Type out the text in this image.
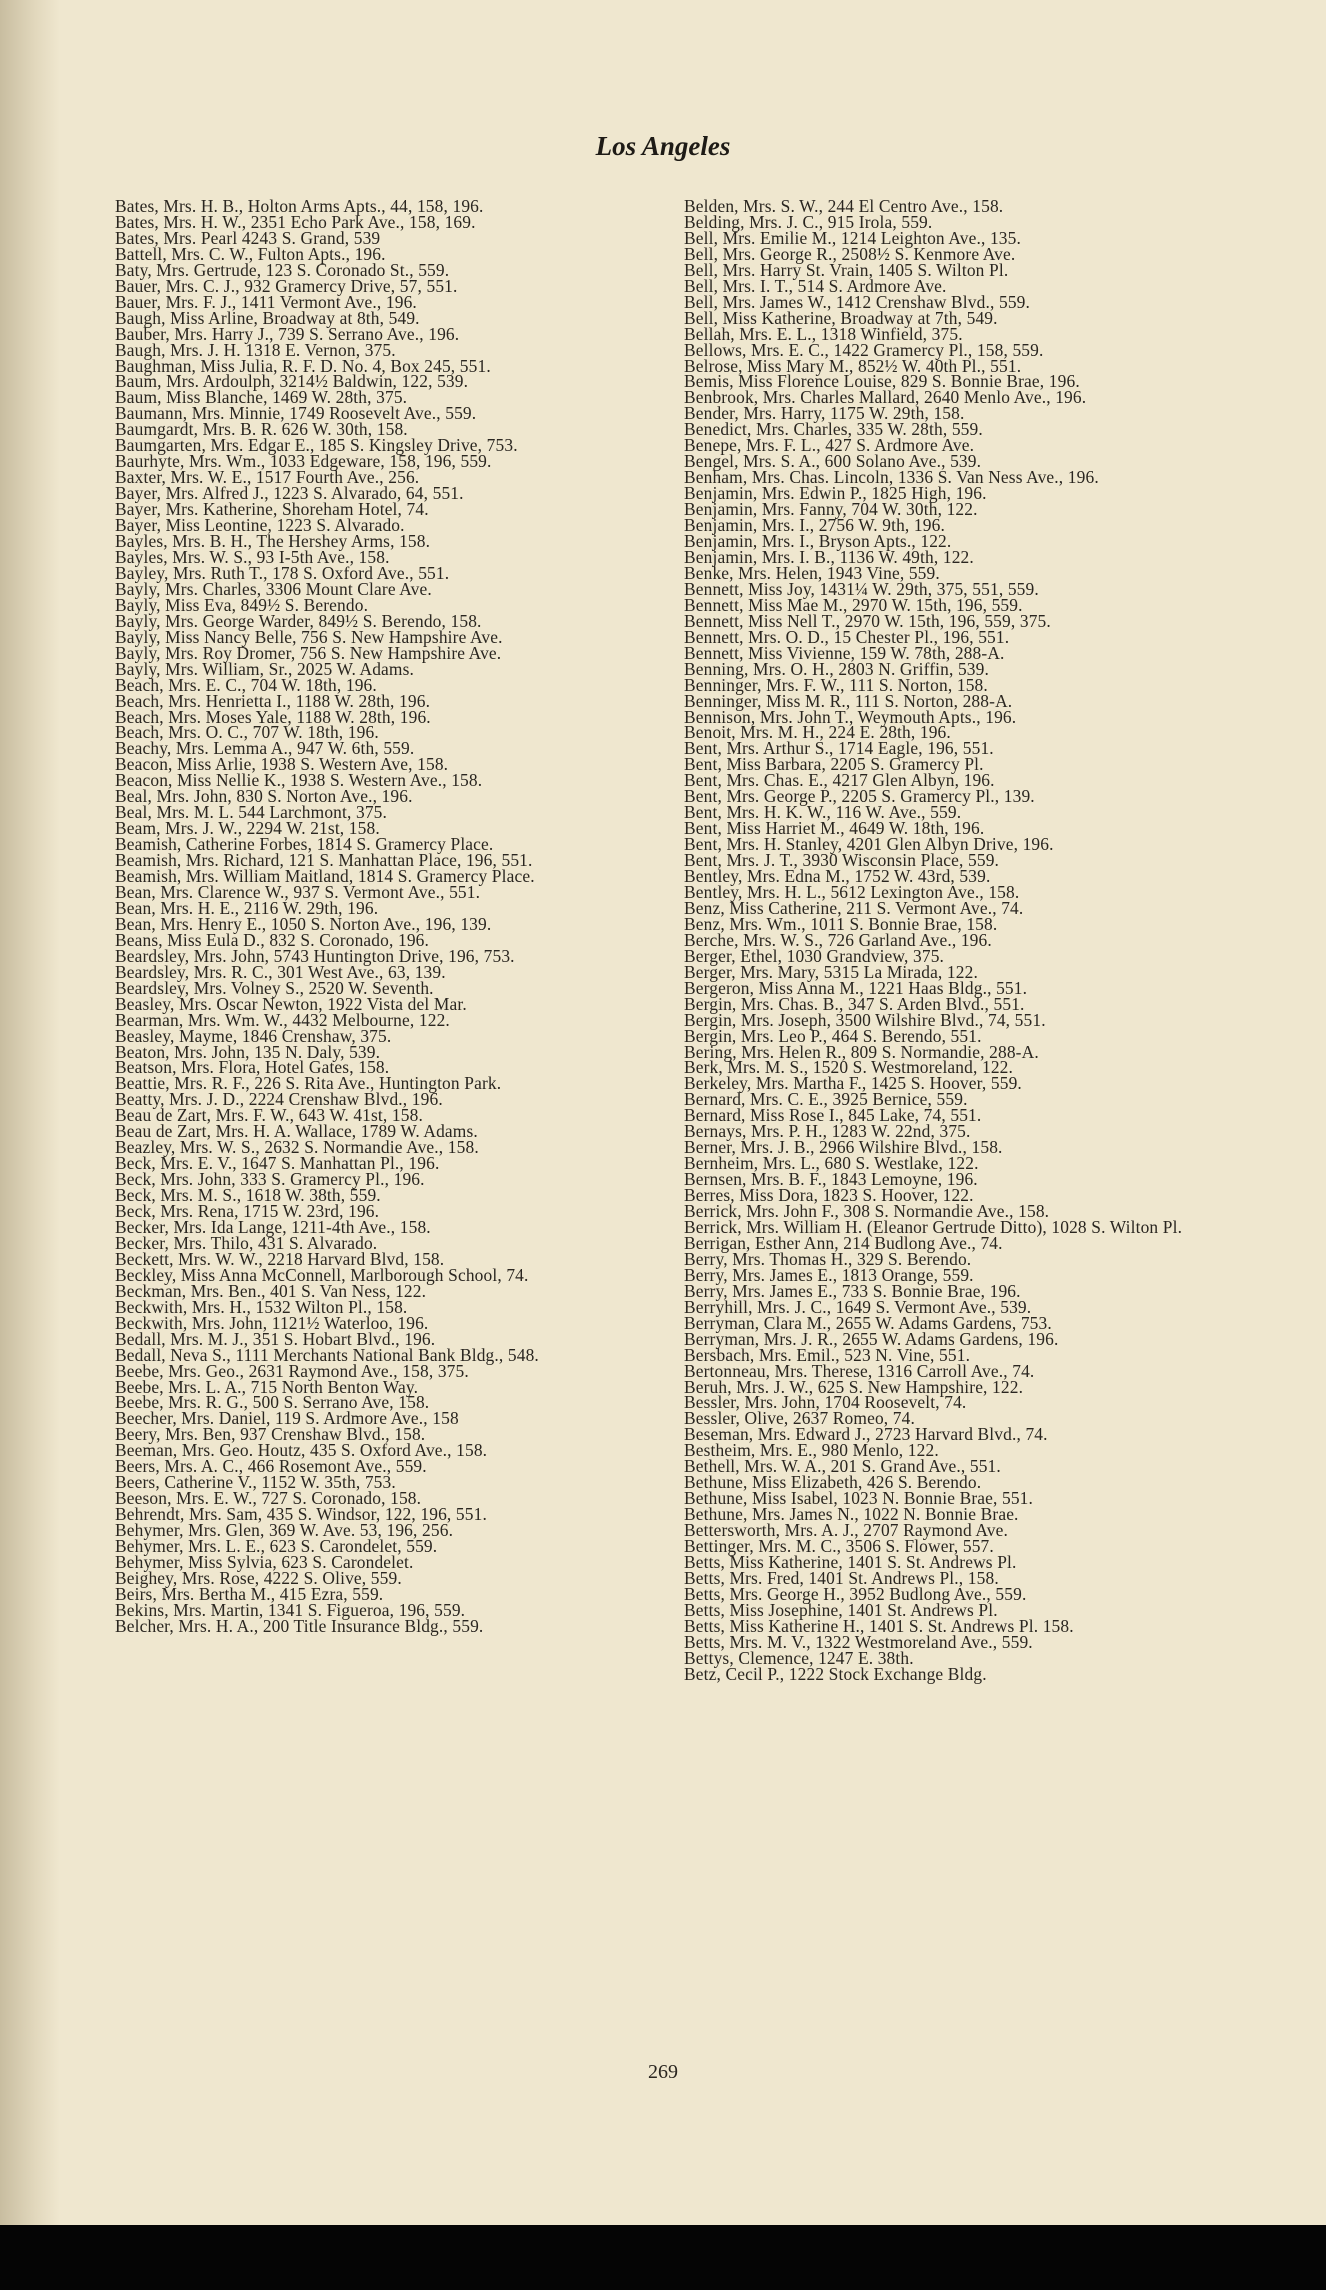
Los Angeles
Bates, Mrs. H. B., Holton Arms Apts., 44, 158, 196.
Bates, Mrs. H. W., 2351 Echo Park Ave., 158, 169.
Bates, Mrs. Pearl 4243 S. Grand, 539
Battell, Mrs. C. W., Fulton Apts., 196.
Baty, Mrs. Gertrude, 123 S. Coronado St., 559.
Bauer, Mrs. C. J., 932 Gramercy Drive, 57, 551.
Bauer, Mrs. F. J., 1411 Vermont Ave., 196.
Baugh, Miss Arline, Broadway at 8th, 549.
Bauber, Mrs. Harry J., 739 S. Serrano Ave., 196.
Baugh, Mrs. J. H. 1318 E. Vernon, 375.
Baughman, Miss Julia, R. F. D. No. 4, Box 245, 551.
Baum, Mrs. Ardoulph, 3214½ Baldwin, 122, 539.
Baum, Miss Blanche, 1469 W. 28th, 375.
Baumann, Mrs. Minnie, 1749 Roosevelt Ave., 559.
Baumgardt, Mrs. B. R. 626 W. 30th, 158.
Baumgarten, Mrs. Edgar E., 185 S. Kingsley Drive, 753.
Baurhyte, Mrs. Wm., 1033 Edgeware, 158, 196, 559.
Baxter, Mrs. W. E., 1517 Fourth Ave., 256.
Bayer, Mrs. Alfred J., 1223 S. Alvarado, 64, 551.
Bayer, Mrs. Katherine, Shoreham Hotel, 74.
Bayer, Miss Leontine, 1223 S. Alvarado.
Bayles, Mrs. B. H., The Hershey Arms, 158.
Bayles, Mrs. W. S., 93 I-5th Ave., 158.
Bayley, Mrs. Ruth T., 178 S. Oxford Ave., 551.
Bayly, Mrs. Charles, 3306 Mount Clare Ave.
Bayly, Miss Eva, 849½ S. Berendo.
Bayly, Mrs. George Warder, 849½ S. Berendo, 158.
Bayly, Miss Nancy Belle, 756 S. New Hampshire Ave.
Bayly, Mrs. Roy Dromer, 756 S. New Hampshire Ave.
Bayly, Mrs. William, Sr., 2025 W. Adams.
Beach, Mrs. E. C., 704 W. 18th, 196.
Beach, Mrs. Henrietta I., 1188 W. 28th, 196.
Beach, Mrs. Moses Yale, 1188 W. 28th, 196.
Beach, Mrs. O. C., 707 W. 18th, 196.
Beachy, Mrs. Lemma A., 947 W. 6th, 559.
Beacon, Miss Arlie, 1938 S. Western Ave, 158.
Beacon, Miss Nellie K., 1938 S. Western Ave., 158.
Beal, Mrs. John, 830 S. Norton Ave., 196.
Beal, Mrs. M. L. 544 Larchmont, 375.
Beam, Mrs. J. W., 2294 W. 21st, 158.
Beamish, Catherine Forbes, 1814 S. Gramercy Place.
Beamish, Mrs. Richard, 121 S. Manhattan Place, 196, 551.
Beamish, Mrs. William Maitland, 1814 S. Gramercy Place.
Bean, Mrs. Clarence W., 937 S. Vermont Ave., 551.
Bean, Mrs. H. E., 2116 W. 29th, 196.
Bean, Mrs. Henry E., 1050 S. Norton Ave., 196, 139.
Beans, Miss Eula D., 832 S. Coronado, 196.
Beardsley, Mrs. John, 5743 Huntington Drive, 196, 753.
Beardsley, Mrs. R. C., 301 West Ave., 63, 139.
Beardsley, Mrs. Volney S., 2520 W. Seventh.
Beasley, Mrs. Oscar Newton, 1922 Vista del Mar.
Bearman, Mrs. Wm. W., 4432 Melbourne, 122.
Beasley, Mayme, 1846 Crenshaw, 375.
Beaton, Mrs. John, 135 N. Daly, 539.
Beatson, Mrs. Flora, Hotel Gates, 158.
Beattie, Mrs. R. F., 226 S. Rita Ave., Huntington Park.
Beatty, Mrs. J. D., 2224 Crenshaw Blvd., 196.
Beau de Zart, Mrs. F. W., 643 W. 41st, 158.
Beau de Zart, Mrs. H. A. Wallace, 1789 W. Adams.
Beazley, Mrs. W. S., 2632 S. Normandie Ave., 158.
Beck, Mrs. E. V., 1647 S. Manhattan Pl., 196.
Beck, Mrs. John, 333 S. Gramercy Pl., 196.
Beck, Mrs. M. S., 1618 W. 38th, 559.
Beck, Mrs. Rena, 1715 W. 23rd, 196.
Becker, Mrs. Ida Lange, 1211-4th Ave., 158.
Becker, Mrs. Thilo, 431 S. Alvarado.
Beckett, Mrs. W. W., 2218 Harvard Blvd, 158.
Beckley, Miss Anna McConnell, Marlborough School, 74.
Beckman, Mrs. Ben., 401 S. Van Ness, 122.
Beckwith, Mrs. H., 1532 Wilton Pl., 158.
Beckwith, Mrs. John, 1121½ Waterloo, 196.
Bedall, Mrs. M. J., 351 S. Hobart Blvd., 196.
Bedall, Neva S., 1111 Merchants National Bank Bldg., 548.
Beebe, Mrs. Geo., 2631 Raymond Ave., 158, 375.
Beebe, Mrs. L. A., 715 North Benton Way.
Beebe, Mrs. R. G., 500 S. Serrano Ave, 158.
Beecher, Mrs. Daniel, 119 S. Ardmore Ave., 158
Beery, Mrs. Ben, 937 Crenshaw Blvd., 158.
Beeman, Mrs. Geo. Houtz, 435 S. Oxford Ave., 158.
Beers, Mrs. A. C., 466 Rosemont Ave., 559.
Beers, Catherine V., 1152 W. 35th, 753.
Beeson, Mrs. E. W., 727 S. Coronado, 158.
Behrendt, Mrs. Sam, 435 S. Windsor, 122, 196, 551.
Behymer, Mrs. Glen, 369 W. Ave. 53, 196, 256.
Behymer, Mrs. L. E., 623 S. Carondelet, 559.
Behymer, Miss Sylvia, 623 S. Carondelet.
Beighey, Mrs. Rose, 4222 S. Olive, 559.
Beirs, Mrs. Bertha M., 415 Ezra, 559.
Bekins, Mrs. Martin, 1341 S. Figueroa, 196, 559.
Belcher, Mrs. H. A., 200 Title Insurance Bldg., 559.
Belden, Mrs. S. W., 244 El Centro Ave., 158.
Belding, Mrs. J. C., 915 Irola, 559.
Bell, Mrs. Emilie M., 1214 Leighton Ave., 135.
Bell, Mrs. George R., 2508½ S. Kenmore Ave.
Bell, Mrs. Harry St. Vrain, 1405 S. Wilton Pl.
Bell, Mrs. I. T., 514 S. Ardmore Ave.
Bell, Mrs. James W., 1412 Crenshaw Blvd., 559.
Bell, Miss Katherine, Broadway at 7th, 549.
Bellah, Mrs. E. L., 1318 Winfield, 375.
Bellows, Mrs. E. C., 1422 Gramercy Pl., 158, 559.
Belrose, Miss Mary M., 852½ W. 40th Pl., 551.
Bemis, Miss Florence Louise, 829 S. Bonnie Brae, 196.
Benbrook, Mrs. Charles Mallard, 2640 Menlo Ave., 196.
Bender, Mrs. Harry, 1175 W. 29th, 158.
Benedict, Mrs. Charles, 335 W. 28th, 559.
Benepe, Mrs. F. L., 427 S. Ardmore Ave.
Bengel, Mrs. S. A., 600 Solano Ave., 539.
Benham, Mrs. Chas. Lincoln, 1336 S. Van Ness Ave., 196.
Benjamin, Mrs. Edwin P., 1825 High, 196.
Benjamin, Mrs. Fanny, 704 W. 30th, 122.
Benjamin, Mrs. I., 2756 W. 9th, 196.
Benjamin, Mrs. I., Bryson Apts., 122.
Benjamin, Mrs. I. B., 1136 W. 49th, 122.
Benke, Mrs. Helen, 1943 Vine, 559.
Bennett, Miss Joy, 1431¼ W. 29th, 375, 551, 559.
Bennett, Miss Mae M., 2970 W. 15th, 196, 559.
Bennett, Miss Nell T., 2970 W. 15th, 196, 559, 375.
Bennett, Mrs. O. D., 15 Chester Pl., 196, 551.
Bennett, Miss Vivienne, 159 W. 78th, 288-A.
Benning, Mrs. O. H., 2803 N. Griffin, 539.
Benninger, Mrs. F. W., 111 S. Norton, 158.
Benninger, Miss M. R., 111 S. Norton, 288-A.
Bennison, Mrs. John T., Weymouth Apts., 196.
Benoit, Mrs. M. H., 224 E. 28th, 196.
Bent, Mrs. Arthur S., 1714 Eagle, 196, 551.
Bent, Miss Barbara, 2205 S. Gramercy Pl.
Bent, Mrs. Chas. E., 4217 Glen Albyn, 196.
Bent, Mrs. George P., 2205 S. Gramercy Pl., 139.
Bent, Mrs. H. K. W., 116 W. Ave., 559.
Bent, Miss Harriet M., 4649 W. 18th, 196.
Bent, Mrs. H. Stanley, 4201 Glen Albyn Drive, 196.
Bent, Mrs. J. T., 3930 Wisconsin Place, 559.
Bentley, Mrs. Edna M., 1752 W. 43rd, 539.
Bentley, Mrs. H. L., 5612 Lexington Ave., 158.
Benz, Miss Catherine, 211 S. Vermont Ave., 74.
Benz, Mrs. Wm., 1011 S. Bonnie Brae, 158.
Berche, Mrs. W. S., 726 Garland Ave., 196.
Berger, Ethel, 1030 Grandview, 375.
Berger, Mrs. Mary, 5315 La Mirada, 122.
Bergeron, Miss Anna M., 1221 Haas Bldg., 551.
Bergin, Mrs. Chas. B., 347 S. Arden Blvd., 551.
Bergin, Mrs. Joseph, 3500 Wilshire Blvd., 74, 551.
Bergin, Mrs. Leo P., 464 S. Berendo, 551.
Bering, Mrs. Helen R., 809 S. Normandie, 288-A.
Berk, Mrs. M. S., 1520 S. Westmoreland, 122.
Berkeley, Mrs. Martha F., 1425 S. Hoover, 559.
Bernard, Mrs. C. E., 3925 Bernice, 559.
Bernard, Miss Rose I., 845 Lake, 74, 551.
Bernays, Mrs. P. H., 1283 W. 22nd, 375.
Berner, Mrs. J. B., 2966 Wilshire Blvd., 158.
Bernheim, Mrs. L., 680 S. Westlake, 122.
Bernsen, Mrs. B. F., 1843 Lemoyne, 196.
Berres, Miss Dora, 1823 S. Hoover, 122.
Berrick, Mrs. John F., 308 S. Normandie Ave., 158.
Berrick, Mrs. William H. (Eleanor Gertrude Ditto), 1028 S. Wilton Pl.
Berrigan, Esther Ann, 214 Budlong Ave., 74.
Berry, Mrs. Thomas H., 329 S. Berendo.
Berry, Mrs. James E., 1813 Orange, 559.
Berry, Mrs. James E., 733 S. Bonnie Brae, 196.
Berryhill, Mrs. J. C., 1649 S. Vermont Ave., 539.
Berryman, Clara M., 2655 W. Adams Gardens, 753.
Berryman, Mrs. J. R., 2655 W. Adams Gardens, 196.
Bersbach, Mrs. Emil., 523 N. Vine, 551.
Bertonneau, Mrs. Therese, 1316 Carroll Ave., 74.
Beruh, Mrs. J. W., 625 S. New Hampshire, 122.
Bessler, Mrs. John, 1704 Roosevelt, 74.
Bessler, Olive, 2637 Romeo, 74.
Beseman, Mrs. Edward J., 2723 Harvard Blvd., 74.
Bestheim, Mrs. E., 980 Menlo, 122.
Bethell, Mrs. W. A., 201 S. Grand Ave., 551.
Bethune, Miss Elizabeth, 426 S. Berendo.
Bethune, Miss Isabel, 1023 N. Bonnie Brae, 551.
Bethune, Mrs. James N., 1022 N. Bonnie Brae.
Bettersworth, Mrs. A. J., 2707 Raymond Ave.
Bettinger, Mrs. M. C., 3506 S. Flower, 557.
Betts, Miss Katherine, 1401 S. St. Andrews Pl.
Betts, Mrs. Fred, 1401 St. Andrews Pl., 158.
Betts, Mrs. George H., 3952 Budlong Ave., 559.
Betts, Miss Josephine, 1401 St. Andrews Pl.
Betts, Miss Katherine H., 1401 S. St. Andrews Pl. 158.
Betts, Mrs. M. V., 1322 Westmoreland Ave., 559.
Bettys, Clemence, 1247 E. 38th.
Betz, Cecil P., 1222 Stock Exchange Bldg.
269
